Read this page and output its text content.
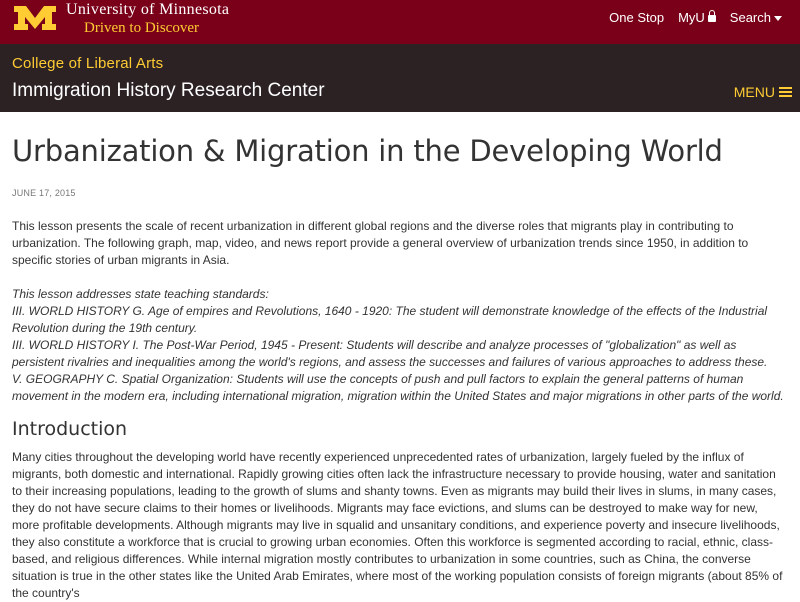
University of Minnesota
Driven to Discover
One Stop MyU	Search
College of Liberal Arts
Immigration History Research Center	MENU
Urbanization & Migration in the Developing World
JUNE 17, 2015

This lesson presents the scale of recent urbanization in different global regions and the diverse roles that migrants play in contributing to urbanization. The following graph, map, video, and news report provide a general overview of urbanization trends since 1950, in addition to specific stories of urban migrants in Asia.

This lesson addresses state teaching standards:
III. WORLD HISTORY G. Age of empires and Revolutions, 1640 - 1920: The student will demonstrate knowledge of the effects of the Industrial Revolution during the 19th century.
III. WORLD HISTORY I. The Post-War Period, 1945 - Present: Students will describe and analyze processes of "globalization" as well as persistent rivalries and inequalities among the world's regions, and assess the successes and failures of various approaches to address these.
V. GEOGRAPHY C. Spatial Organization: Students will use the concepts of push and pull factors to explain the general patterns of human movement in the modern era, including international migration, migration within the United States and major migrations in other parts of the world.

Introduction

Many cities throughout the developing world have recently experienced unprecedented rates of urbanization, largely fueled by the influx of migrants, both domestic and international. Rapidly growing cities often lack the infrastructure necessary to provide housing, water and sanitation to their increasing populations, leading to the growth of slums and shanty towns. Even as migrants may build their lives in slums, in many cases, they do not have secure claims to their homes or livelihoods. Migrants may face evictions, and slums can be destroyed to make way for new, more profitable developments. Although migrants may live in squalid and unsanitary conditions, and experience poverty and insecure livelihoods, they also constitute a workforce that is crucial to growing urban economies. Often this workforce is segmented according to racial, ethnic, class-based, and religious differences. While internal migration mostly contributes to urbanization in some countries, such as China, the converse situation is true in the other states like the United Arab Emirates, where most of the working population consists of foreign migrants (about 85% of the country's
